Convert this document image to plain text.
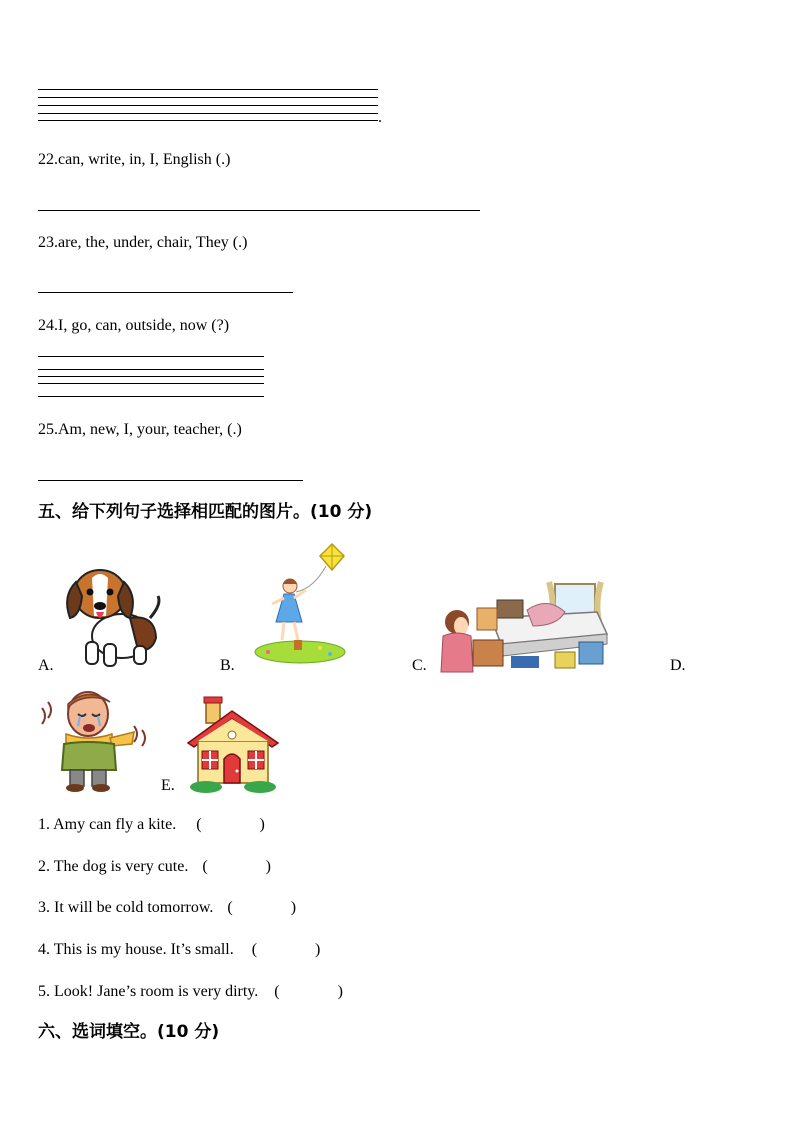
.
22.can, write, in, I, English (.)
23.are, the, under, chair, They (.)
24.I, go, can, outside, now (?)
25.Am, new, I, your, teacher, (.)
五、给下列句子选择相匹配的图片。(10 分)
A.	B.	C.	D.
E.
1. Amy can fly a kite. (	)
2. The dog is very cute. (	)
3. It will be cold tomorrow. (	)
4. This is my house. It’s small. (	)
5. Look! Jane’s room is very dirty. (	)
六、选词填空。(10 分)
